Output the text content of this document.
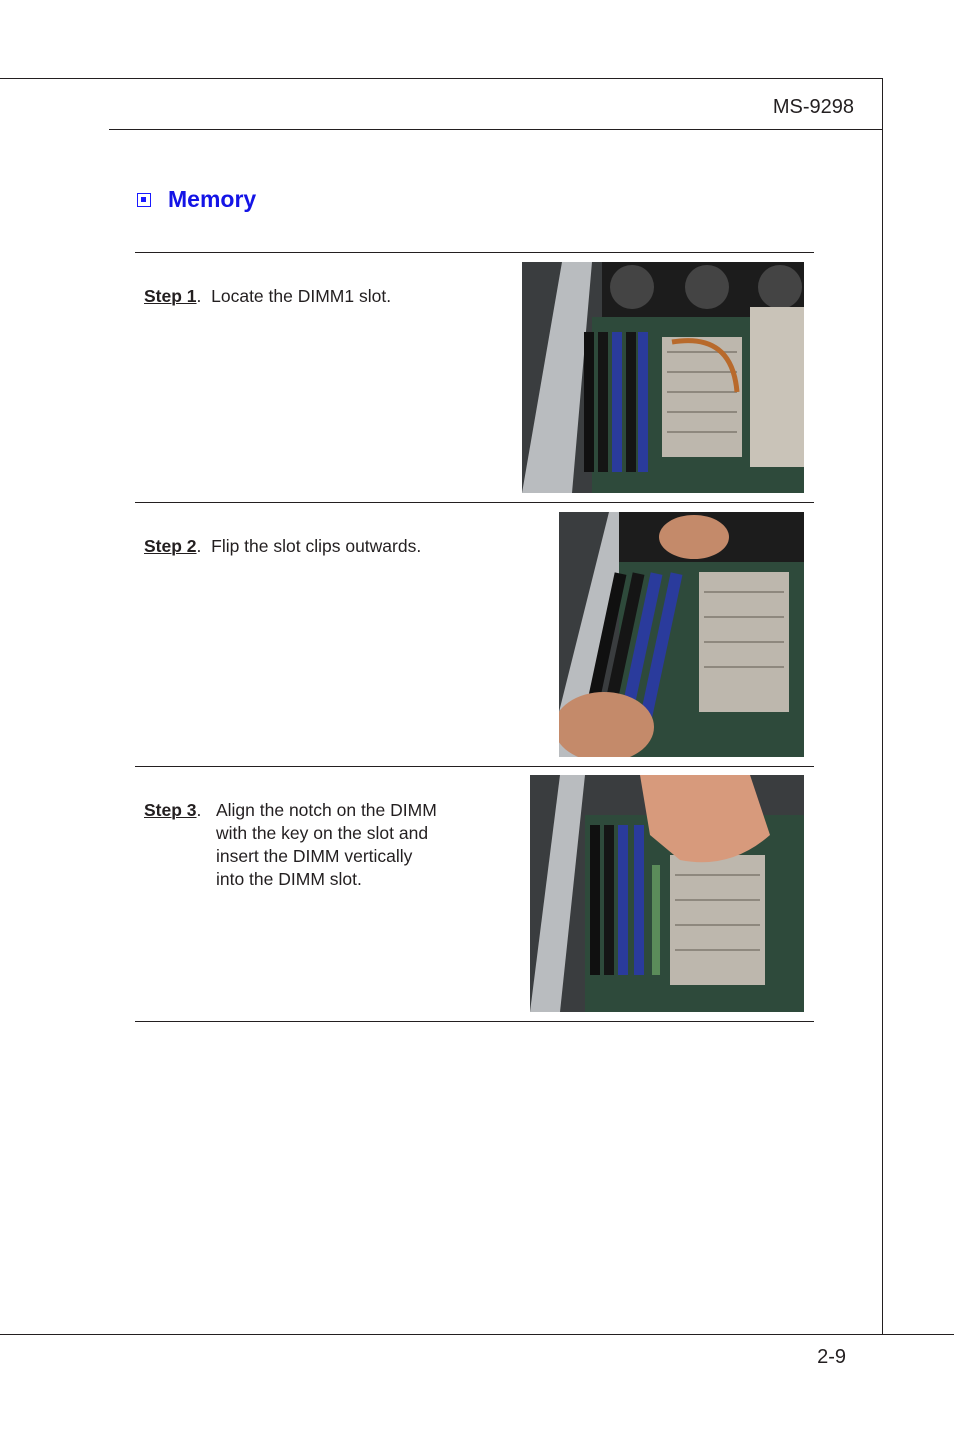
MS-9298
Memory
Step 1. Locate the DIMM1 slot.
Step 2. Flip the slot clips outwards.
Step 3. Align the notch on the DIMM
with the key on the slot and
insert the DIMM vertically
into the DIMM slot.
2-9
